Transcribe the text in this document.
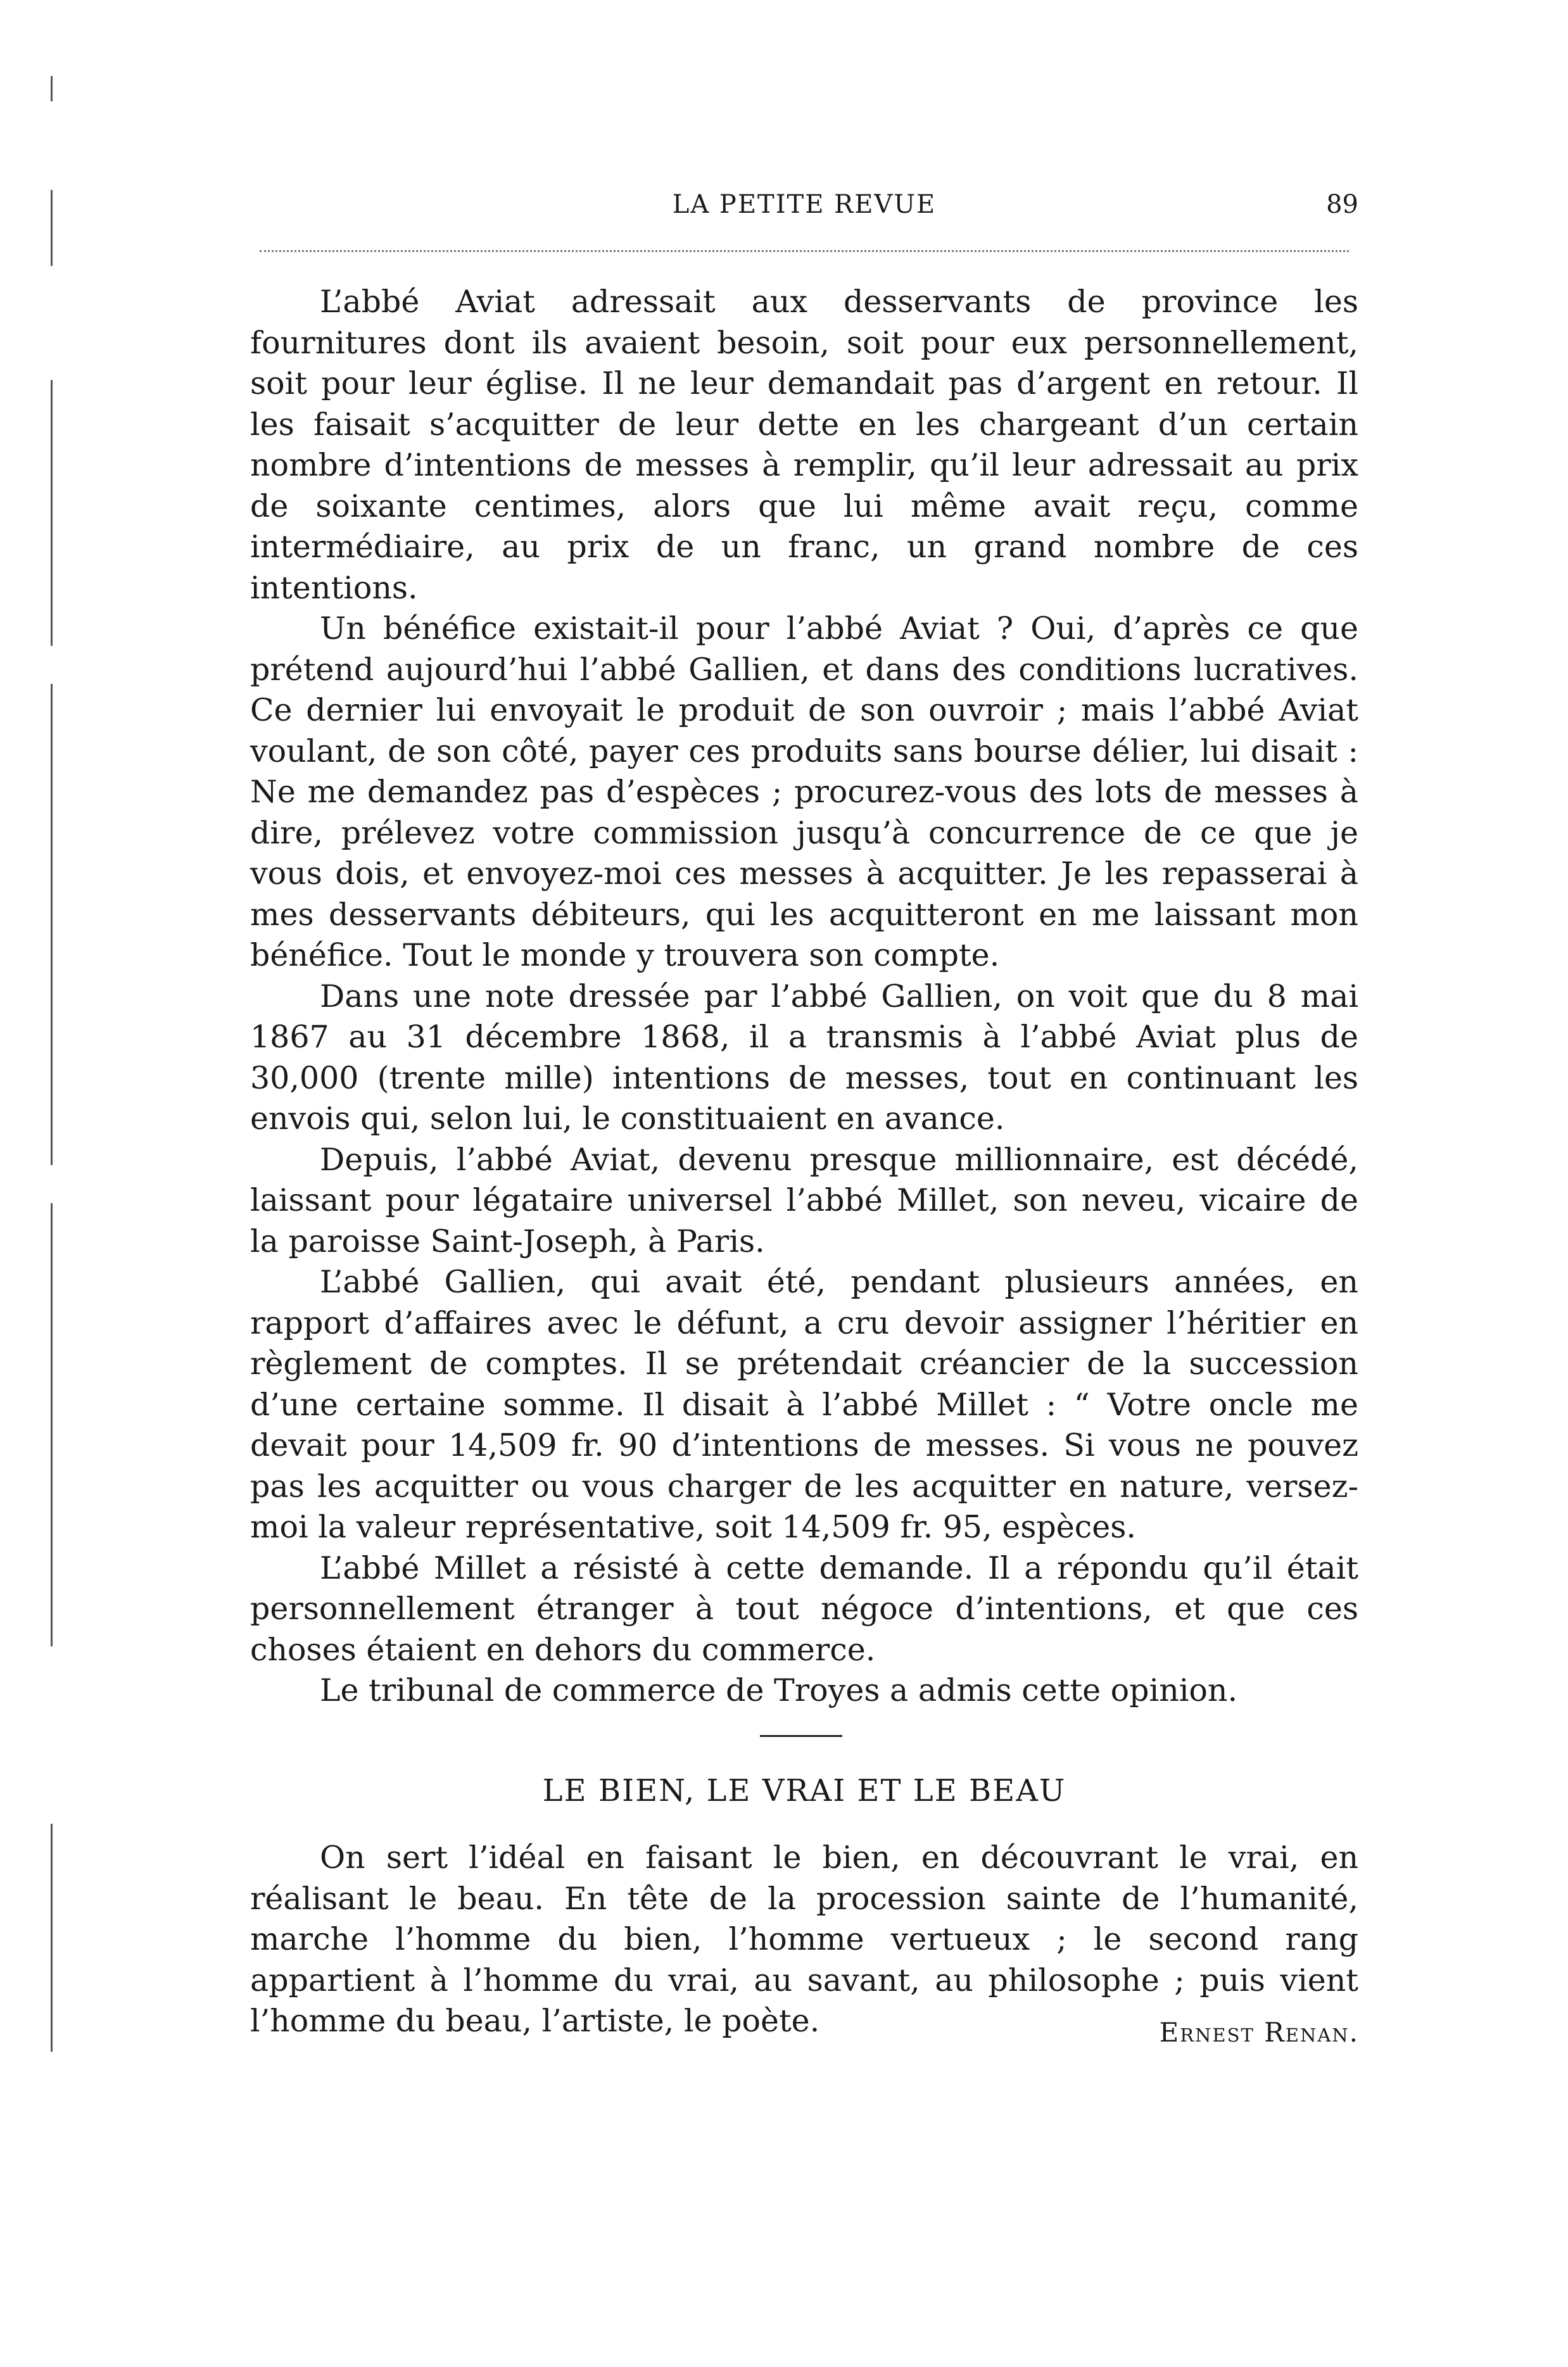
LA PETITE REVUE	89

L’abbé Aviat adressait aux desservants de province les fournitures dont ils avaient besoin, soit pour eux personnellement, soit pour leur église. Il ne leur demandait pas d’argent en retour. Il les faisait s’acquitter de leur dette en les chargeant d’un certain nombre d’intentions de messes à remplir, qu’il leur adressait au prix de soixante centimes, alors que lui même avait reçu, comme intermédiaire, au prix de un franc, un grand nombre de ces intentions.

Un bénéfice existait-il pour l’abbé Aviat ? Oui, d’après ce que prétend aujourd’hui l’abbé Gallien, et dans des conditions lucratives. Ce dernier lui envoyait le produit de son ouvroir ; mais l’abbé Aviat voulant, de son côté, payer ces produits sans bourse délier, lui disait : Ne me demandez pas d’espèces ; procurez-vous des lots de messes à dire, prélevez votre commission jusqu’à concurrence de ce que je vous dois, et envoyez-moi ces messes à acquitter. Je les repasserai à mes desservants débiteurs, qui les acquitteront en me laissant mon bénéfice. Tout le monde y trouvera son compte.

Dans une note dressée par l’abbé Gallien, on voit que du 8 mai 1867 au 31 décembre 1868, il a transmis à l’abbé Aviat plus de 30,000 (trente mille) intentions de messes, tout en continuant les envois qui, selon lui, le constituaient en avance.

Depuis, l’abbé Aviat, devenu presque millionnaire, est décédé, laissant pour légataire universel l’abbé Millet, son neveu, vicaire de la paroisse Saint-Joseph, à Paris.

L’abbé Gallien, qui avait été, pendant plusieurs années, en rapport d’affaires avec le défunt, a cru devoir assigner l’héritier en règlement de comptes. Il se prétendait créancier de la succession d’une certaine somme. Il disait à l’abbé Millet : “ Votre oncle me devait pour 14,509 fr. 90 d’intentions de messes. Si vous ne pouvez pas les acquitter ou vous charger de les acquitter en nature, versez-moi la valeur représentative, soit 14,509 fr. 95, espèces.

L’abbé Millet a résisté à cette demande. Il a répondu qu’il était personnellement étranger à tout négoce d’intentions, et que ces choses étaient en dehors du commerce.

Le tribunal de commerce de Troyes a admis cette opinion.

LE BIEN, LE VRAI ET LE BEAU

On sert l’idéal en faisant le bien, en découvrant le vrai, en réalisant le beau. En tête de la procession sainte de l’humanité, marche l’homme du bien, l’homme vertueux ; le second rang appartient à l’homme du vrai, au savant, au philosophe ; puis vient l’homme du beau, l’artiste, le poète.	Ernest Renan.
